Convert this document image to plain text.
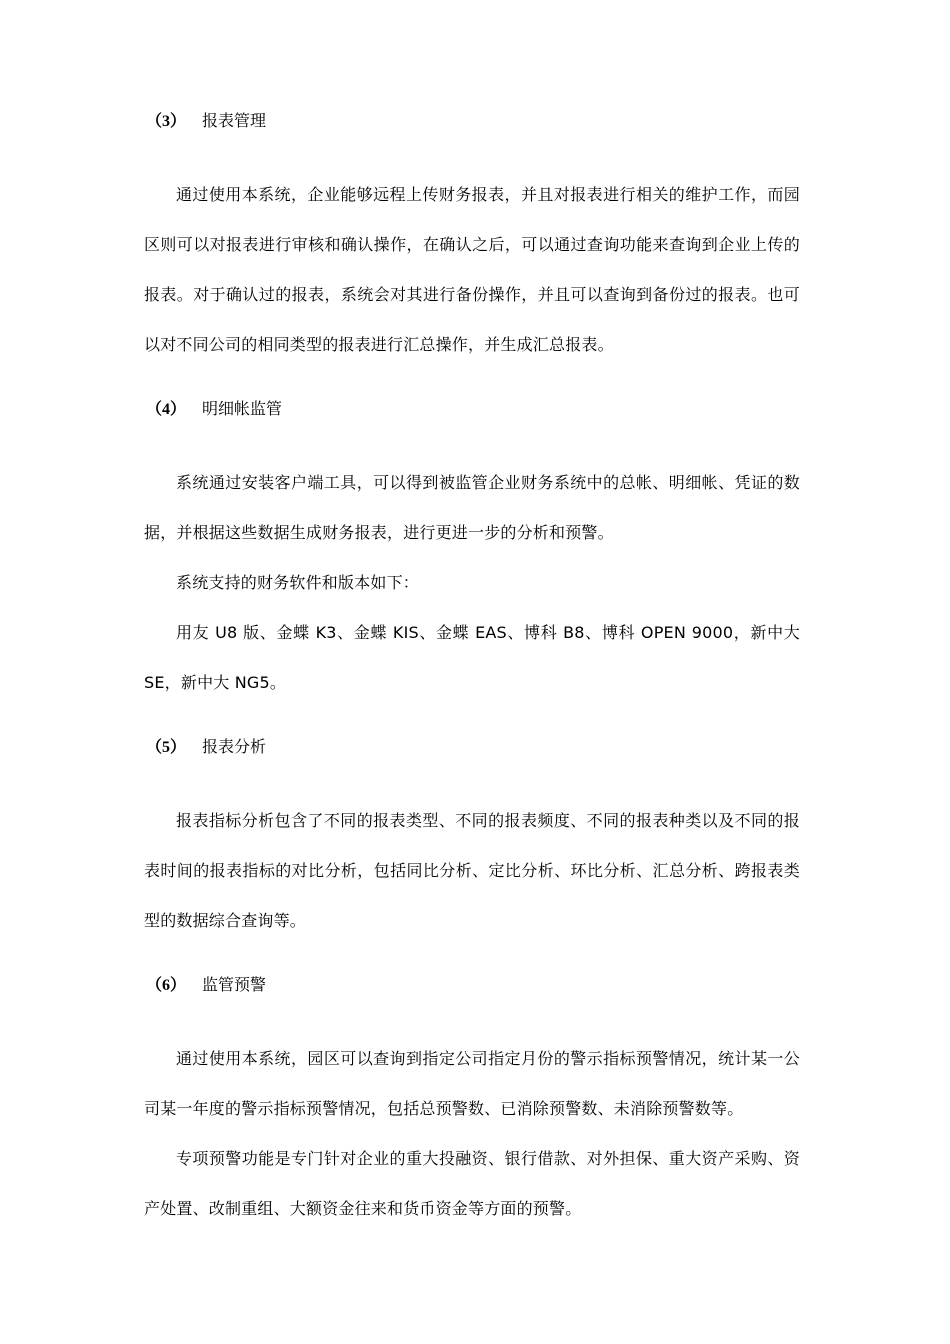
（3） 报表管理

通过使用本系统，企业能够远程上传财务报表，并且对报表进行相关的维护工作，而园区则可以对报表进行审核和确认操作，在确认之后，可以通过查询功能来查询到企业上传的报表。对于确认过的报表，系统会对其进行备份操作，并且可以查询到备份过的报表。也可以对不同公司的相同类型的报表进行汇总操作，并生成汇总报表。

（4） 明细帐监管

系统通过安装客户端工具，可以得到被监管企业财务系统中的总帐、明细帐、凭证的数据，并根据这些数据生成财务报表，进行更进一步的分析和预警。

系统支持的财务软件和版本如下：

用友 U8 版、金蝶 K3、金蝶 KIS、金蝶 EAS、博科 B8、博科 OPEN 9000，新中大 SE，新中大 NG5。

（5） 报表分析

报表指标分析包含了不同的报表类型、不同的报表频度、不同的报表种类以及不同的报表时间的报表指标的对比分析，包括同比分析、定比分析、环比分析、汇总分析、跨报表类型的数据综合查询等。

（6） 监管预警

通过使用本系统，园区可以查询到指定公司指定月份的警示指标预警情况，统计某一公司某一年度的警示指标预警情况，包括总预警数、已消除预警数、未消除预警数等。

专项预警功能是专门针对企业的重大投融资、银行借款、对外担保、重大资产采购、资产处置、改制重组、大额资金往来和货币资金等方面的预警。
